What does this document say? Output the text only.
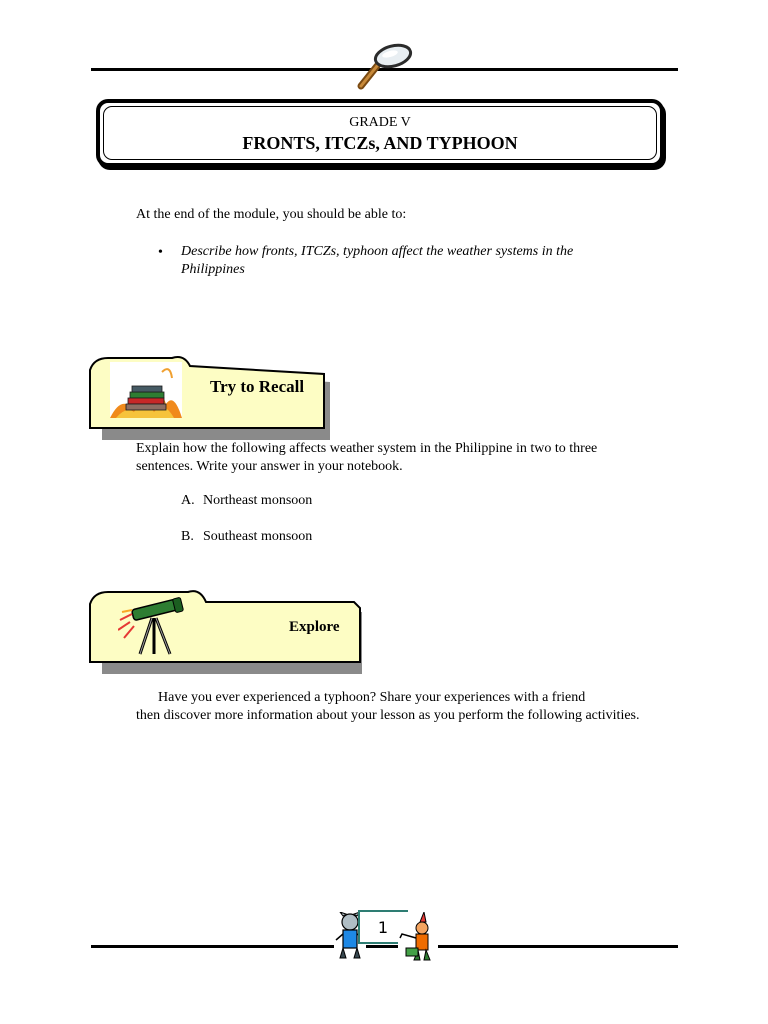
GRADE V
FRONTS, ITCZs, AND TYPHOON
At the end of the module, you should be able to:
• Describe how fronts, ITCZs, typhoon affect the weather systems in the Philippines
Try to Recall
Explain how the following affects weather system in the Philippine in two to three sentences. Write your answer in your notebook.
A. Northeast monsoon
B. Southeast monsoon
Explore
Have you ever experienced a typhoon? Share your experiences with a friend
then discover more information about your lesson as you perform the following activities.
1
